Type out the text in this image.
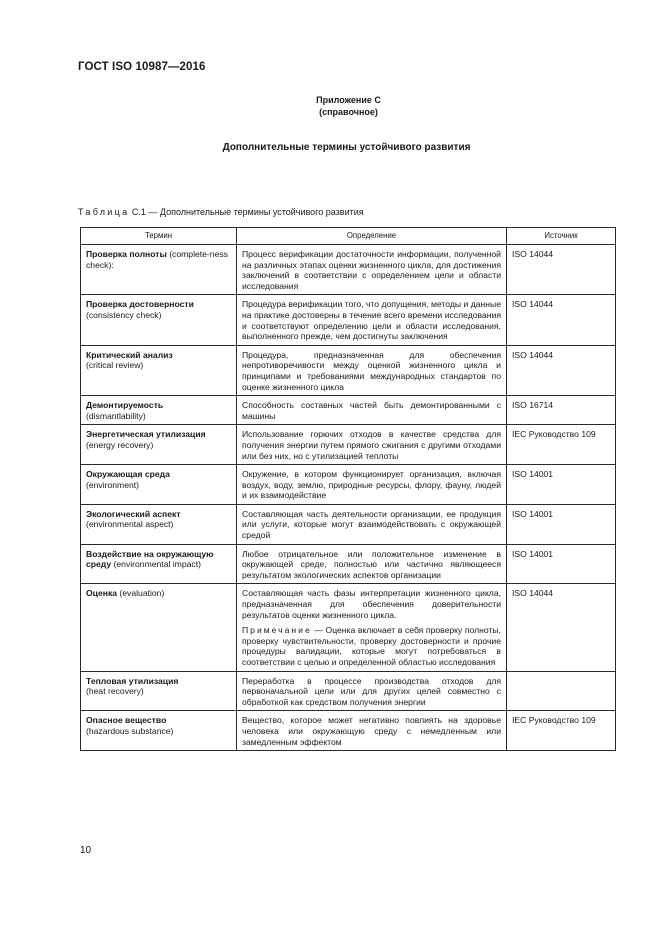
ГОСТ ISO 10987—2016
Приложение С
(справочное)
Дополнительные термины устойчивого развития
Таблица С.1 — Дополнительные термины устойчивого развития
Термин	Определение	Источник
Проверка полноты (complete-ness check):	Процесс верификации достаточности информации, полученной на различных этапах оценки жизненного цикла, для достижения заключений в соответствии с определением цели и области исследования	ISO 14044
Проверка достоверности
(consistency check)	Процедура верификации того, что допущения, методы и данные на практике достоверны в течение всего времени исследования и соответствуют определению цели и области исследования, выполненного прежде, чем достигнуты заключения	ISO 14044
Критический анализ
(critical review)	Процедура, предназначенная для обеспечения непротиворечивости между оценкой жизненного цикла и принципами и требованиями международных стандартов по оценке жизненного цикла	ISO 14044
Демонтируемость
(dismantlability)	Способность составных частей быть демонтированными с машины	ISO 16714
Энергетическая утилизация
(energy recovery)	Использование горючих отходов в качестве средства для получения энергии путем прямого сжигания с другими отходами или без них, но с утилизацией теплоты	IEC Руководство 109
Окружающая среда
(environment)	Окружение, в котором функционирует организация, включая воздух, воду, землю, природные ресурсы, флору, фауну, людей и их взаимодействие	ISO 14001
Экологический аспект
(environmental aspect)	Составляющая часть деятельности организации, ее продукция или услуги, которые могут взаимодействовать с окружающей средой	ISO 14001
Воздействие на окружающую среду (environmental impact)	Любое отрицательное или положительное изменение в окружающей среде, полностью или частично являющееся результатом экологических аспектов организации	ISO 14001
Оценка (evaluation)	Составляющая часть фазы интерпретации жизненного цикла, предназначенная для обеспечения доверительности результатов оценки жизненного цикла.

Примечание — Оценка включает в себя проверку полноты, проверку чувствительности, проверку достоверности и прочие процедуры валидации, которые могут потребоваться в соответствии с целью и определенной областью исследования	ISO 14044
Тепловая утилизация
(heat recovery)	Переработка в процессе производства отходов для первоначальной цели или для других целей совместно с обработкой как средством получения энергии	

Опасное вещество
(hazardous substance)	Вещество, которое может негативно повлиять на здоровье человека или окружающую среду с немедленным или замедленным эффектом	IEC Руководство 109
10
